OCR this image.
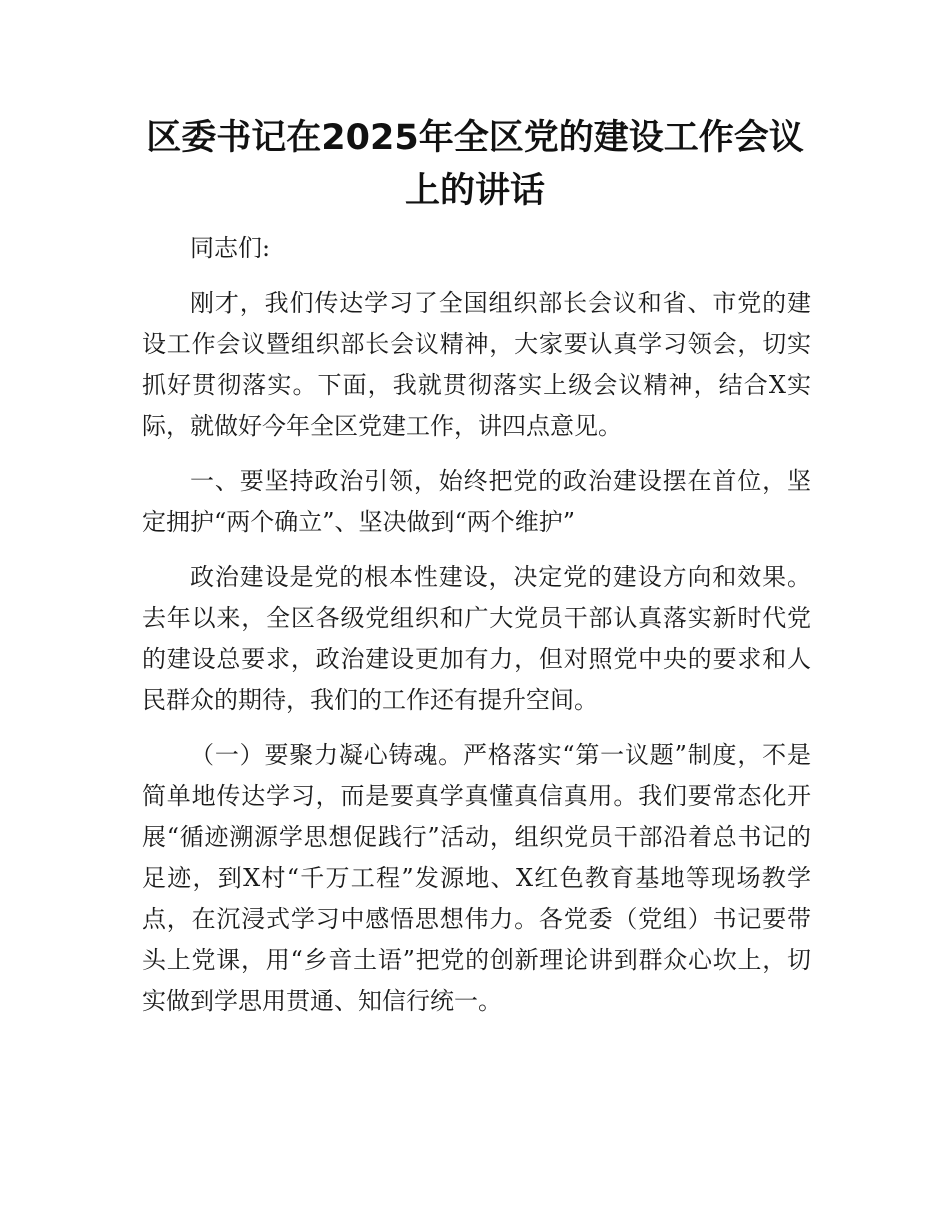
区委书记在2025年全区党的建设工作会议上的讲话

同志们:

刚才，我们传达学习了全国组织部长会议和省、市党的建设工作会议暨组织部长会议精神，大家要认真学习领会，切实抓好贯彻落实。下面，我就贯彻落实上级会议精神，结合X实际，就做好今年全区党建工作，讲四点意见。

一、要坚持政治引领，始终把党的政治建设摆在首位，坚定拥护“两个确立”、坚决做到“两个维护”

政治建设是党的根本性建设，决定党的建设方向和效果。去年以来，全区各级党组织和广大党员干部认真落实新时代党的建设总要求，政治建设更加有力，但对照党中央的要求和人民群众的期待，我们的工作还有提升空间。

（一）要聚力凝心铸魂。严格落实“第一议题”制度，不是简单地传达学习，而是要真学真懂真信真用。我们要常态化开展“循迹溯源学思想促践行”活动，组织党员干部沿着总书记的足迹，到X村“千万工程”发源地、X红色教育基地等现场教学点，在沉浸式学习中感悟思想伟力。各党委（党组）书记要带头上党课，用“乡音土语”把党的创新理论讲到群众心坎上，切实做到学思用贯通、知信行统一。
